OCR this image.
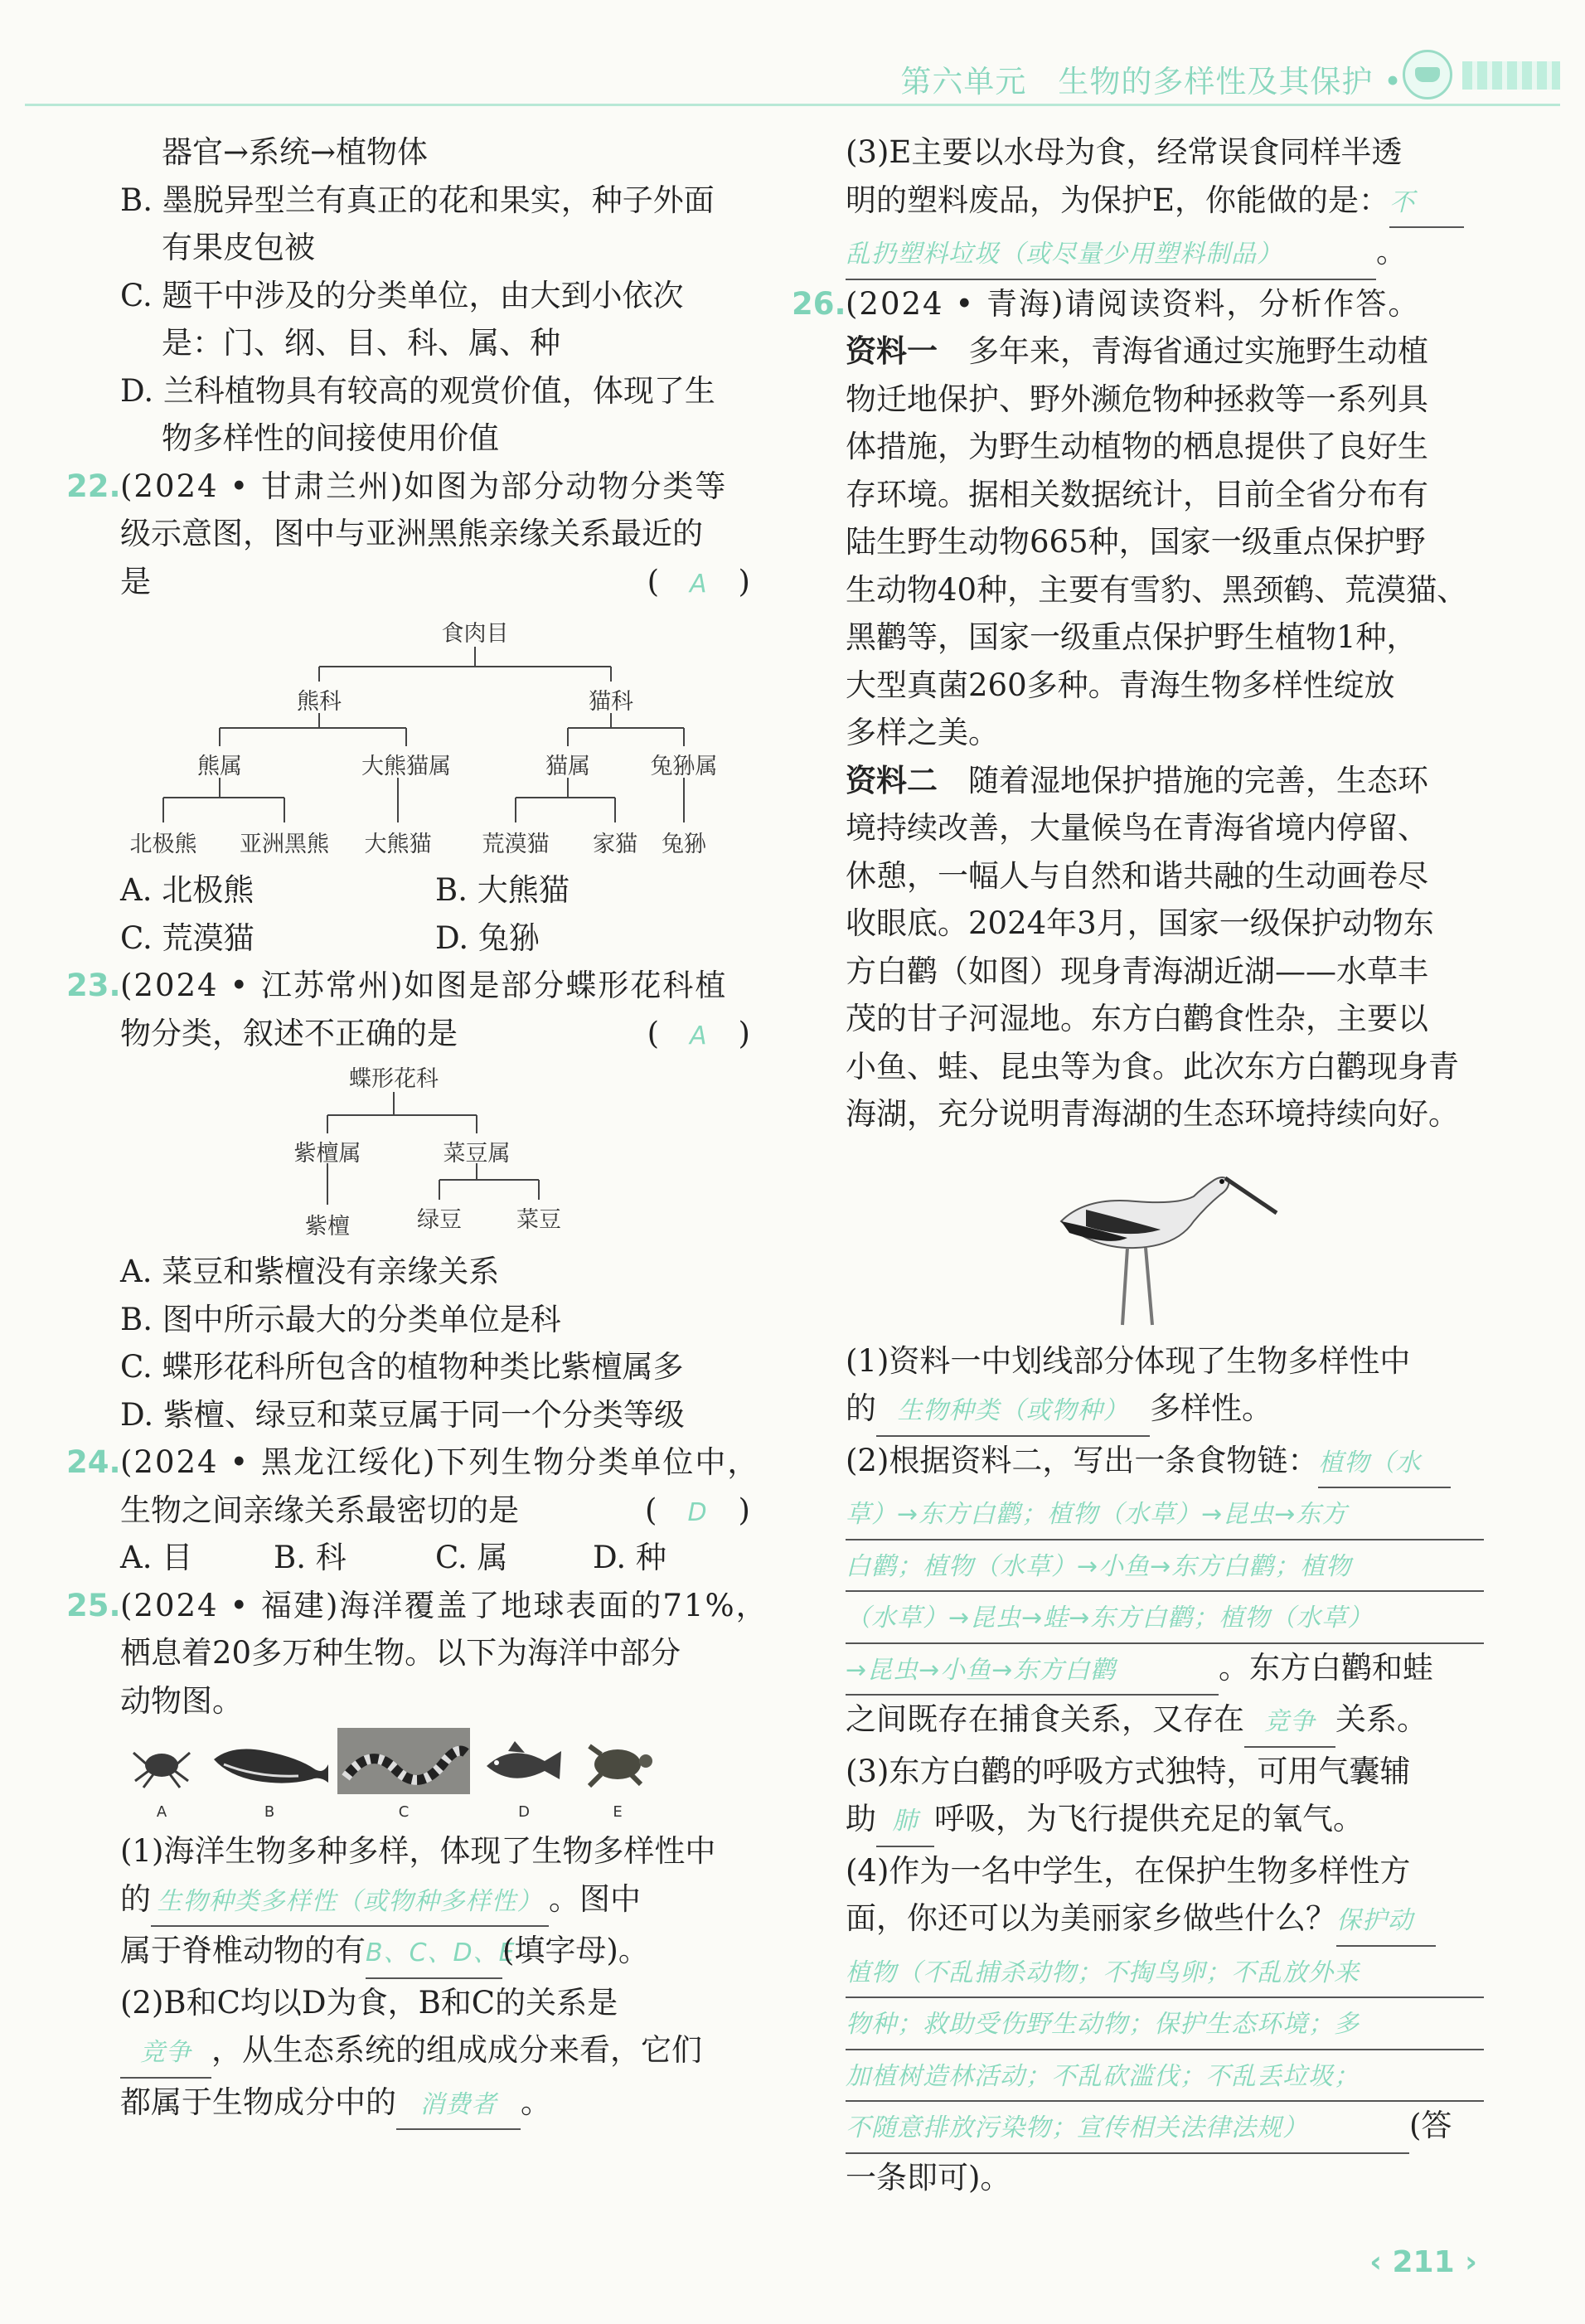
第六单元　生物的多样性及其保护 •
器官→系统→植物体
B. 墨脱异型兰有真正的花和果实，种子外面
有果皮包被
C. 题干中涉及的分类单位，由大到小依次
是：门、纲、目、科、属、种
D. 兰科植物具有较高的观赏价值，体现了生
物多样性的间接使用价值
22.(2024 • 甘肃兰州)如图为部分动物分类等
级示意图，图中与亚洲黑熊亲缘关系最近的
是	(　A　)
食肉目
熊科	猫科
熊属	大熊猫属	猫属	兔狲属
北极熊 亚洲黑熊 大熊猫 荒漠猫 家猫 兔狲
A. 北极熊	B. 大熊猫
C. 荒漠猫	D. 兔狲
23.(2024 • 江苏常州)如图是部分蝶形花科植
物分类，叙述不正确的是	(　A　)
蝶形花科
紫檀属	菜豆属
紫檀	绿豆 菜豆
A. 菜豆和紫檀没有亲缘关系
B. 图中所示最大的分类单位是科
C. 蝶形花科所包含的植物种类比紫檀属多
D. 紫檀、绿豆和菜豆属于同一个分类等级
24.(2024 • 黑龙江绥化)下列生物分类单位中，
生物之间亲缘关系最密切的是	(　D　)
A. 目	B. 科	C. 属	D. 种
25.(2024 • 福建)海洋覆盖了地球表面的71%，
栖息着20多万种生物。以下为海洋中部分
动物图。
A	B	C	D	E
(1)海洋生物多种多样，体现了生物多样性中
的 生物种类多样性（或物种多样性） 。图中
属于脊椎动物的有B、C、D、E(填字母)。
(2)B和C均以D为食，B和C的关系是
竞争 ，从生态系统的组成成分来看，它们
都属于生物成分中的 消费者 。
(3)E主要以水母为食，经常误食同样半透
明的塑料废品，为保护E，你能做的是：不
乱扔塑料垃圾（或尽量少用塑料制品）	。
26.(2024 • 青海)请阅读资料，分析作答。
资料一　多年来，青海省通过实施野生动植
物迁地保护、野外濒危物种拯救等一系列具
体措施，为野生动植物的栖息提供了良好生
存环境。据相关数据统计，目前全省分布有
陆生野生动物665种，国家一级重点保护野
生动物40种，主要有雪豹、黑颈鹤、荒漠猫、
黑鹳等，国家一级重点保护野生植物1种，
大型真菌260多种。青海生物多样性绽放
多样之美。
资料二　随着湿地保护措施的完善，生态环
境持续改善，大量候鸟在青海省境内停留、
休憩，一幅人与自然和谐共融的生动画卷尽
收眼底。2024年3月，国家一级保护动物东
方白鹳（如图）现身青海湖近湖——水草丰
茂的甘子河湿地。东方白鹳食性杂，主要以
小鱼、蛙、昆虫等为食。此次东方白鹳现身青
海湖，充分说明青海湖的生态环境持续向好。
(1)资料一中划线部分体现了生物多样性中
的 生物种类（或物种） 多样性。
(2)根据资料二，写出一条食物链：植物（水
草）→东方白鹳；植物（水草）→昆虫→东方
白鹳；植物（水草）→小鱼→东方白鹳；植物
（水草）→昆虫→蛙→东方白鹳；植物（水草）
→昆虫→小鱼→东方白鹳	。东方白鹳和蛙
之间既存在捕食关系，又存在 竞争 关系。
(3)东方白鹳的呼吸方式独特，可用气囊辅
助 肺 呼吸，为飞行提供充足的氧气。
(4)作为一名中学生，在保护生物多样性方
面，你还可以为美丽家乡做些什么？保护动
植物（不乱捕杀动物；不掏鸟卵；不乱放外来
物种；救助受伤野生动物；保护生态环境；多
加植树造林活动；不乱砍滥伐；不乱丢垃圾；
不随意排放污染物；宣传相关法律法规）	(答
一条即可)。
‹ 211 ›
